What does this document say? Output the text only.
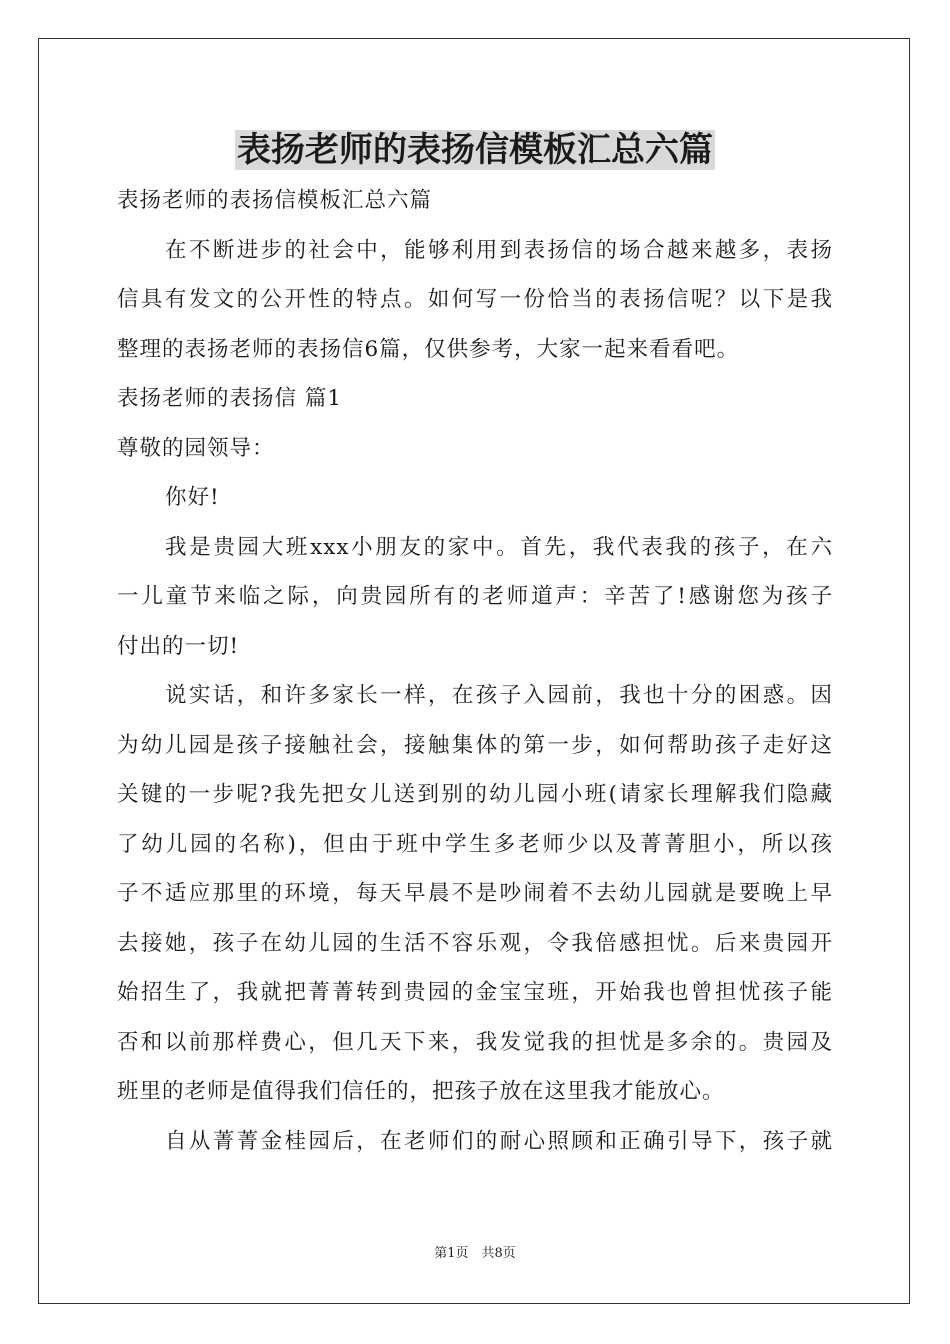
表扬老师的表扬信模板汇总六篇
表扬老师的表扬信模板汇总六篇
在不断进步的社会中，能够利用到表扬信的场合越来越多，表扬
信具有发文的公开性的特点。如何写一份恰当的表扬信呢？以下是我
整理的表扬老师的表扬信6篇，仅供参考，大家一起来看看吧。
表扬老师的表扬信 篇1
尊敬的园领导：
你好!
我是贵园大班xxx小朋友的家中。首先，我代表我的孩子，在六
一儿童节来临之际，向贵园所有的老师道声：辛苦了!感谢您为孩子
付出的一切!
说实话，和许多家长一样，在孩子入园前，我也十分的困惑。因
为幼儿园是孩子接触社会，接触集体的第一步，如何帮助孩子走好这
关键的一步呢?我先把女儿送到别的幼儿园小班(请家长理解我们隐藏
了幼儿园的名称)，但由于班中学生多老师少以及菁菁胆小，所以孩
子不适应那里的环境，每天早晨不是吵闹着不去幼儿园就是要晚上早
去接她，孩子在幼儿园的生活不容乐观，令我倍感担忧。后来贵园开
始招生了，我就把菁菁转到贵园的金宝宝班，开始我也曾担忧孩子能
否和以前那样费心，但几天下来，我发觉我的担忧是多余的。贵园及
班里的老师是值得我们信任的，把孩子放在这里我才能放心。
自从菁菁金桂园后，在老师们的耐心照顾和正确引导下，孩子就
第1页　共8页
